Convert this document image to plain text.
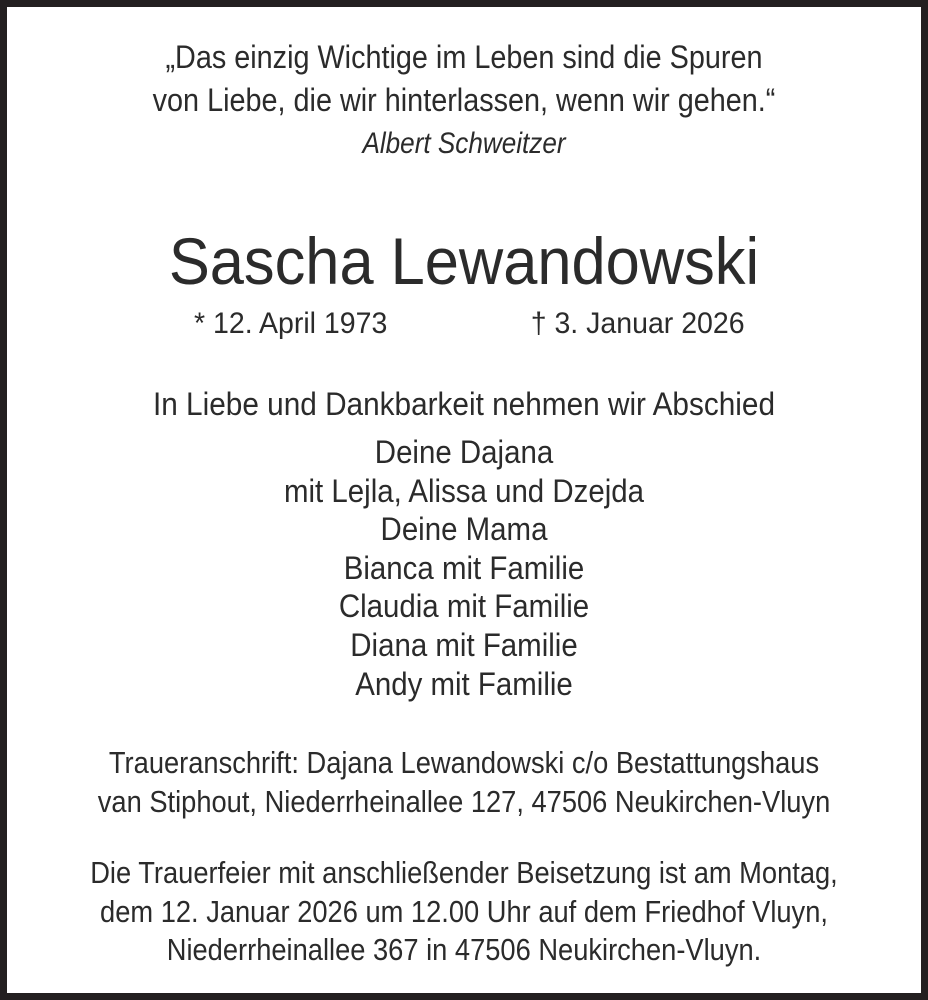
„Das einzig Wichtige im Leben sind die Spuren
von Liebe, die wir hinterlassen, wenn wir gehen.“
Albert Schweitzer
Sascha Lewandowski
* 12. April 1973	† 3. Januar 2026
In Liebe und Dankbarkeit nehmen wir Abschied
Deine Dajana
mit Lejla, Alissa und Dzejda
Deine Mama
Bianca mit Familie
Claudia mit Familie
Diana mit Familie
Andy mit Familie
Traueranschrift: Dajana Lewandowski c/o Bestattungshaus
van Stiphout, Niederrheinallee 127, 47506 Neukirchen-Vluyn
Die Trauerfeier mit anschließender Beisetzung ist am Montag,
dem 12. Januar 2026 um 12.00 Uhr auf dem Friedhof Vluyn,
Niederrheinallee 367 in 47506 Neukirchen-Vluyn.
